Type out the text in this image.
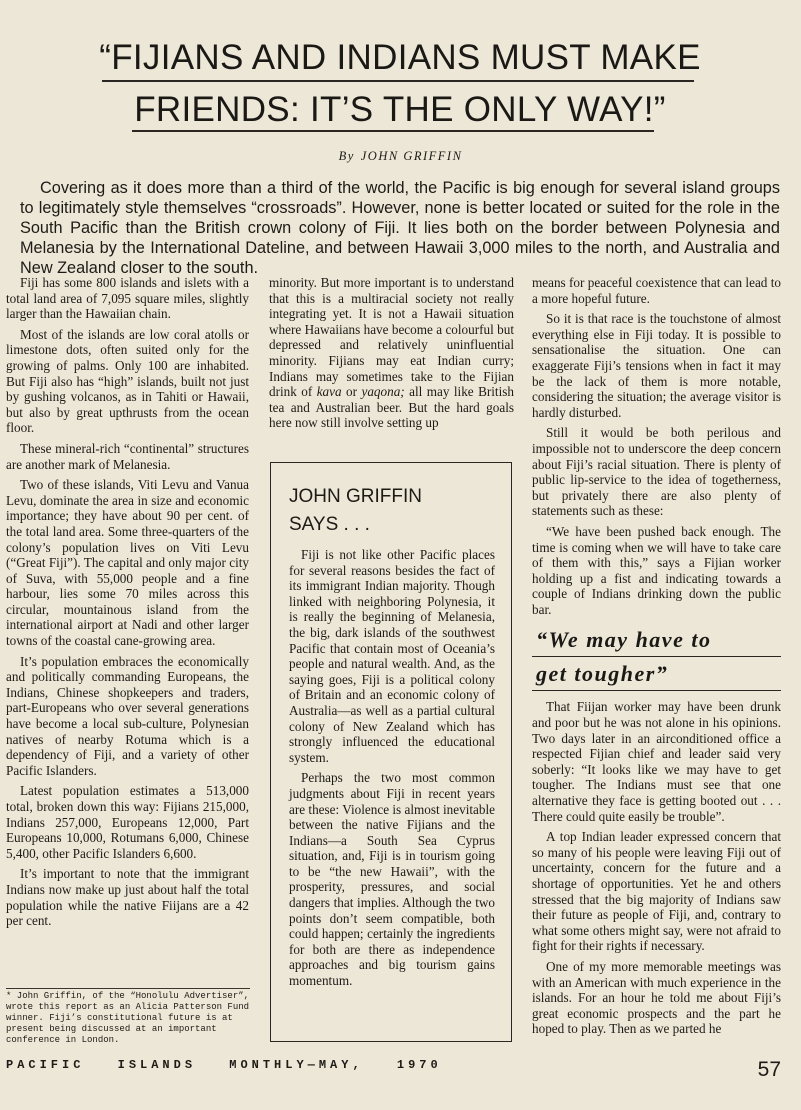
“FIJIANS AND INDIANS MUST MAKE
FRIENDS: IT’S THE ONLY WAY!”
By JOHN GRIFFIN
Covering as it does more than a third of the world, the Pacific is big enough for several island groups to legitimately style themselves “crossroads”. However, none is better located or suited for the role in the South Pacific than the British crown colony of Fiji. It lies both on the border between Polynesia and Melanesia by the International Dateline, and between Hawaii 3,000 miles to the north, and Australia and New Zealand closer to the south.

Fiji has some 800 islands and islets with a total land area of 7,095 square miles, slightly larger than the Hawaiian chain.

Most of the islands are low coral atolls or limestone dots, often suited only for the growing of palms. Only 100 are inhabited. But Fiji also has “high” islands, built not just by gushing volcanos, as in Tahiti or Hawaii, but also by great upthrusts from the ocean floor.

These mineral-rich “continental” structures are another mark of Melanesia.

Two of these islands, Viti Levu and Vanua Levu, dominate the area in size and economic importance; they have about 90 per cent. of the total land area. Some three-quarters of the colony’s population lives on Viti Levu (“Great Fiji”). The capital and only major city of Suva, with 55,000 people and a fine harbour, lies some 70 miles across this circular, mountainous island from the international airport at Nadi and other larger towns of the coastal cane-growing area.

It’s population embraces the economically and politically commanding Europeans, the Indians, Chinese shopkeepers and traders, part-Europeans who over several generations have become a local sub-culture, Polynesian natives of nearby Rotuma which is a dependency of Fiji, and a variety of other Pacific Islanders.

Latest population estimates a 513,000 total, broken down this way: Fijians 215,000, Indians 257,000, Europeans 12,000, Part Europeans 10,000, Rotumans 6,000, Chinese 5,400, other Pacific Islanders 6,600.

It’s important to note that the immigrant Indians now make up just about half the total population while the native Fiijans are a 42 per cent.

* John Griffin, of the “Honolulu Advertiser”, wrote this report as an Alicia Patterson Fund winner. Fiji’s constitutional future is at present being discussed at an important conference in London.

minority. But more important is to understand that this is a multiracial society not really integrating yet. It is not a Hawaii situation where Hawaiians have become a colourful but depressed and relatively uninfluential minority. Fijians may eat Indian curry; Indians may sometimes take to the Fijian drink of kava or yaqona; all may like British tea and Australian beer. But the hard goals here now still involve setting up

JOHN GRIFFIN
SAYS . . .

Fiji is not like other Pacific places for several reasons besides the fact of its immigrant Indian majority. Though linked with neighboring Polynesia, it is really the beginning of Melanesia, the big, dark islands of the southwest Pacific that contain most of Oceania’s people and natural wealth. And, as the saying goes, Fiji is a political colony of Britain and an economic colony of Australia—as well as a partial cultural colony of New Zealand which has strongly influenced the educational system.

Perhaps the two most common judgments about Fiji in recent years are these: Violence is almost inevitable between the native Fijians and the Indians—a South Sea Cyprus situation, and, Fiji is in tourism going to be “the new Hawaii”, with the prosperity, pressures, and social dangers that implies. Although the two points don’t seem compatible, both could happen; certainly the ingredients for both are there as independence approaches and big tourism gains momentum.

means for peaceful coexistence that can lead to a more hopeful future.

So it is that race is the touchstone of almost everything else in Fiji today. It is possible to sensationalise the situation. One can exaggerate Fiji’s tensions when in fact it may be the lack of them is more notable, considering the situation; the average visitor is hardly disturbed.

Still it would be both perilous and impossible not to underscore the deep concern about Fiji’s racial situation. There is plenty of public lip-service to the idea of togetherness, but privately there are also plenty of statements such as these:

“We have been pushed back enough. The time is coming when we will have to take care of them with this,” says a Fijian worker holding up a fist and indicating towards a couple of Indians drinking down the public bar.

“We may have to
get tougher”

That Fiijan worker may have been drunk and poor but he was not alone in his opinions. Two days later in an airconditioned office a respected Fijian chief and leader said very soberly: “It looks like we may have to get tougher. The Indians must see that one alternative they face is getting booted out . . . There could quite easily be trouble”.

A top Indian leader expressed concern that so many of his people were leaving Fiji out of uncertainty, concern for the future and a shortage of opportunities. Yet he and others stressed that the big majority of Indians saw their future as people of Fiji, and, contrary to what some others might say, were not afraid to fight for their rights if necessary.

One of my more memorable meetings was with an American with much experience in the islands. For an hour he told me about Fiji’s great economic prospects and the part he hoped to play. Then as we parted he

PACIFIC	ISLANDS	MONTHLY—MAY,	1970	57
